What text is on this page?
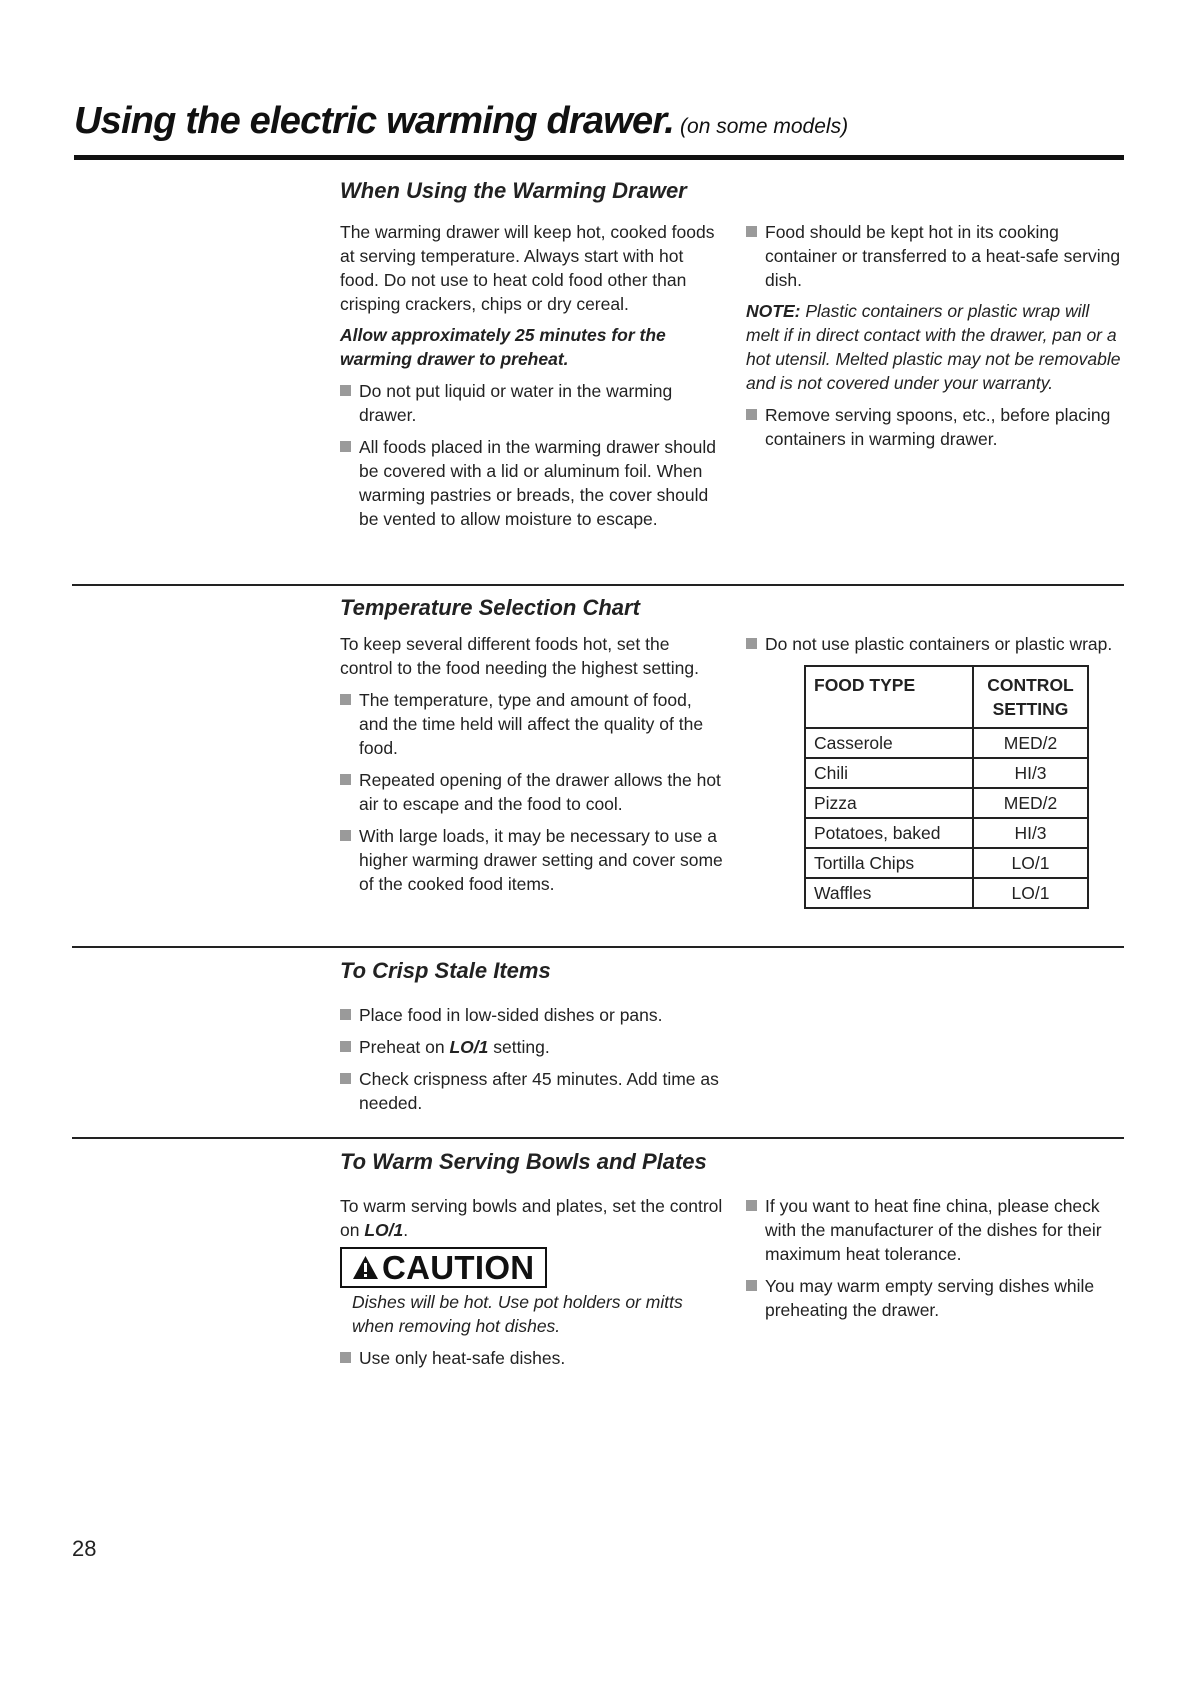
Using the electric warming drawer. (on some models)
When Using the Warming Drawer
The warming drawer will keep hot, cooked foods at serving temperature. Always start with hot food. Do not use to heat cold food other than crisping crackers, chips or dry cereal.
Allow approximately 25 minutes for the warming drawer to preheat.
Do not put liquid or water in the warming drawer.
All foods placed in the warming drawer should be covered with a lid or aluminum foil. When warming pastries or breads, the cover should be vented to allow moisture to escape.
Food should be kept hot in its cooking container or transferred to a heat-safe serving dish.
NOTE: Plastic containers or plastic wrap will melt if in direct contact with the drawer, pan or a hot utensil. Melted plastic may not be removable and is not covered under your warranty.
Remove serving spoons, etc., before placing containers in warming drawer.
Temperature Selection Chart
To keep several different foods hot, set the control to the food needing the highest setting.
The temperature, type and amount of food, and the time held will affect the quality of the food.
Repeated opening of the drawer allows the hot air to escape and the food to cool.
With large loads, it may be necessary to use a higher warming drawer setting and cover some of the cooked food items.
Do not use plastic containers or plastic wrap.
FOOD TYPE	CONTROL SETTING
Casserole	MED/2
Chili	HI/3
Pizza	MED/2
Potatoes, baked	HI/3
Tortilla Chips	LO/1
Waffles	LO/1
To Crisp Stale Items
Place food in low-sided dishes or pans.
Preheat on LO/1 setting.
Check crispness after 45 minutes. Add time as needed.
To Warm Serving Bowls and Plates
To warm serving bowls and plates, set the control on LO/1.
CAUTION
Dishes will be hot. Use pot holders or mitts when removing hot dishes.
Use only heat-safe dishes.
If you want to heat fine china, please check with the manufacturer of the dishes for their maximum heat tolerance.
You may warm empty serving dishes while preheating the drawer.
28
